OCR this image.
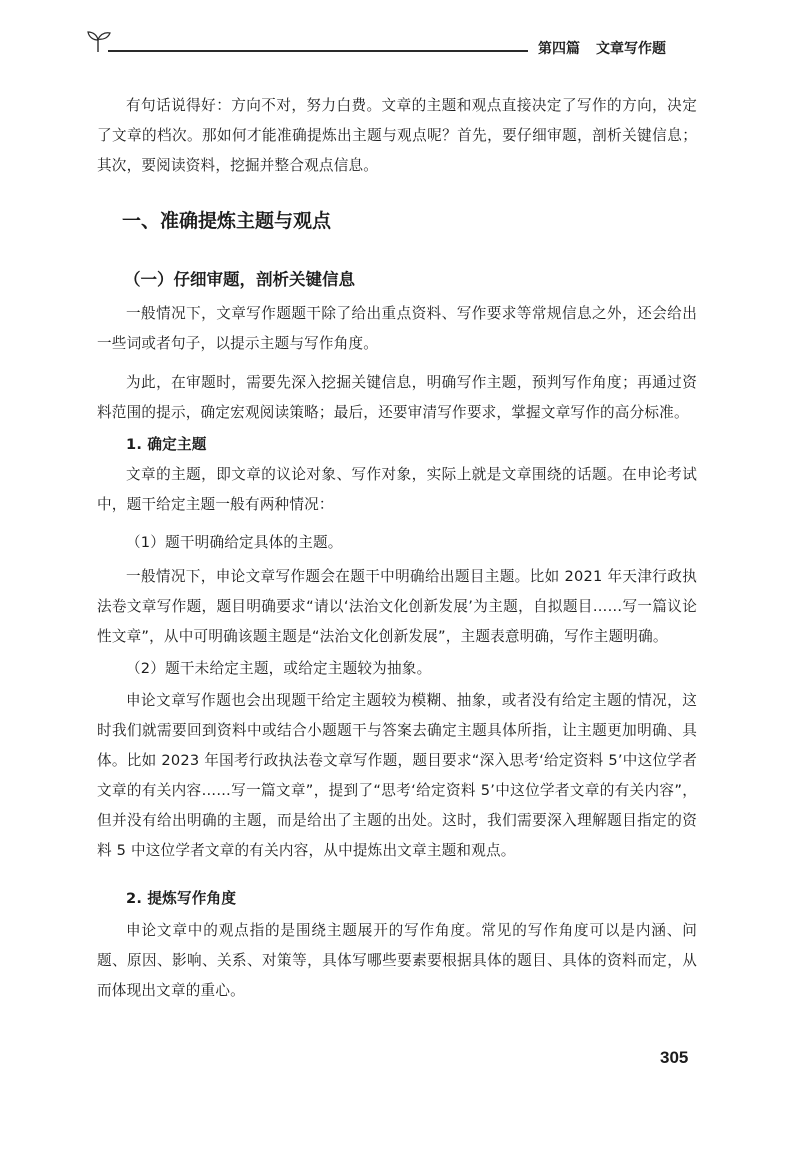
第四篇 文章写作题

有句话说得好：方向不对，努力白费。文章的主题和观点直接决定了写作的方向，决定了文章的档次。那如何才能准确提炼出主题与观点呢？首先，要仔细审题，剖析关键信息；其次，要阅读资料，挖掘并整合观点信息。

一、准确提炼主题与观点
（一）仔细审题，剖析关键信息

一般情况下，文章写作题题干除了给出重点资料、写作要求等常规信息之外，还会给出一些词或者句子，以提示主题与写作角度。

为此，在审题时，需要先深入挖掘关键信息，明确写作主题，预判写作角度；再通过资料范围的提示，确定宏观阅读策略；最后，还要审清写作要求，掌握文章写作的高分标准。

1. 确定主题

文章的主题，即文章的议论对象、写作对象，实际上就是文章围绕的话题。在申论考试中，题干给定主题一般有两种情况：

（1）题干明确给定具体的主题。

一般情况下，申论文章写作题会在题干中明确给出题目主题。比如 2021 年天津行政执法卷文章写作题，题目明确要求“请以‘法治文化创新发展’为主题，自拟题目……写一篇议论性文章”，从中可明确该题主题是“法治文化创新发展”，主题表意明确，写作主题明确。

（2）题干未给定主题，或给定主题较为抽象。

申论文章写作题也会出现题干给定主题较为模糊、抽象，或者没有给定主题的情况，这时我们就需要回到资料中或结合小题题干与答案去确定主题具体所指，让主题更加明确、具体。比如 2023 年国考行政执法卷文章写作题，题目要求“深入思考‘给定资料 5’中这位学者文章的有关内容……写一篇文章”，提到了“思考‘给定资料 5’中这位学者文章的有关内容”，但并没有给出明确的主题，而是给出了主题的出处。这时，我们需要深入理解题目指定的资料 5 中这位学者文章的有关内容，从中提炼出文章主题和观点。

2. 提炼写作角度

申论文章中的观点指的是围绕主题展开的写作角度。常见的写作角度可以是内涵、问题、原因、影响、关系、对策等，具体写哪些要素要根据具体的题目、具体的资料而定，从而体现出文章的重心。

305
